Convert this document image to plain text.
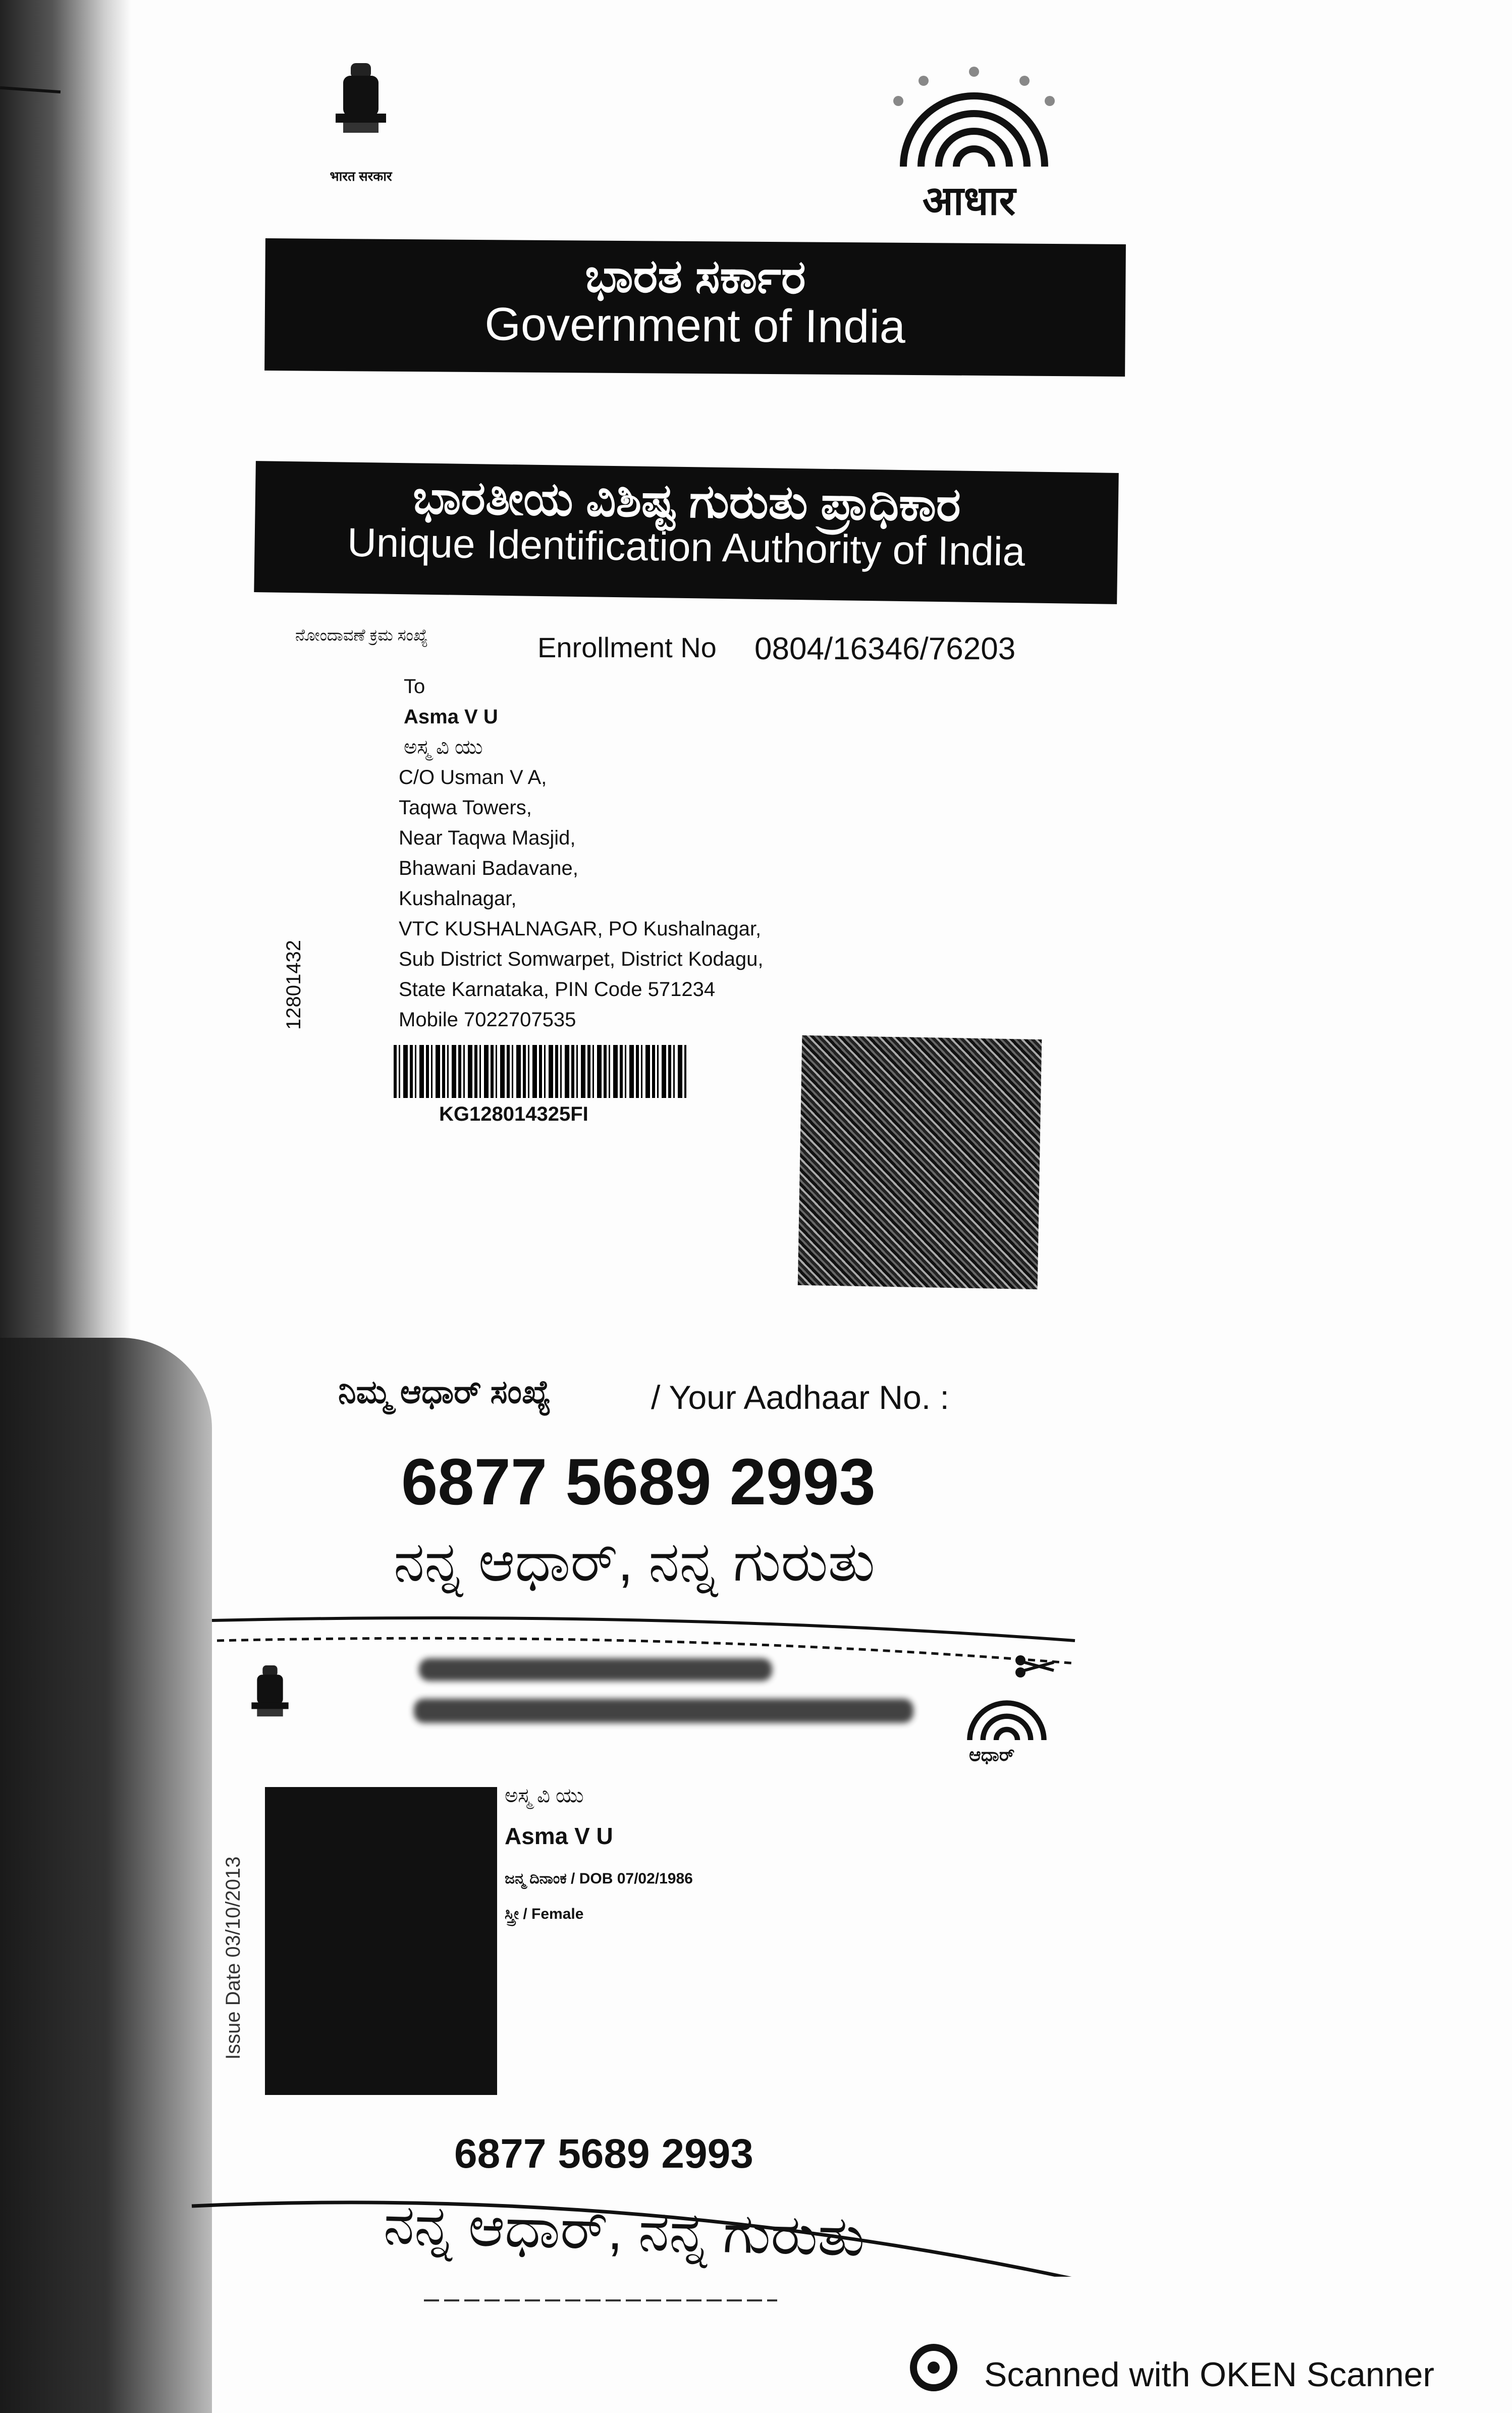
भारत सरकार
आधार
ಭಾರತ ಸರ್ಕಾರ
Government of India
ಭಾರತೀಯ ವಿಶಿಷ್ಟ ಗುರುತು ಪ್ರಾಧಿಕಾರ
Unique Identification Authority of India
ನೋಂದಾವಣೆ ಕ್ರಮ ಸಂಖ್ಯೆ	Enrollment No 0804/16346/76203
To
Asma V U
ಅಸ್ಮ ವಿ ಯು
C/O Usman V A,
Taqwa Towers,
Near Taqwa Masjid,
Bhawani Badavane,
Kushalnagar,
VTC KUSHALNAGAR, PO Kushalnagar,
Sub District Somwarpet, District Kodagu,
State Karnataka, PIN Code 571234
Mobile 7022707535
12801432
KG128014325FI
ನಿಮ್ಮ ಆಧಾರ್ ಸಂಖ್ಯೆ	/ Your Aadhaar No. :
6877 5689 2993
ನನ್ನ ಆಧಾರ್, ನನ್ನ ಗುರುತು
ಆಧಾರ್
Issue Date 03/10/2013
ಅಸ್ಮ ವಿ ಯು
Asma V U
ಜನ್ಮ ದಿನಾಂಕ / DOB 07/02/1986
ಸ್ತ್ರೀ / Female
6877 5689 2993
ನನ್ನ ಆಧಾರ್, ನನ್ನ ಗುರುತು
Scanned with OKEN Scanner
